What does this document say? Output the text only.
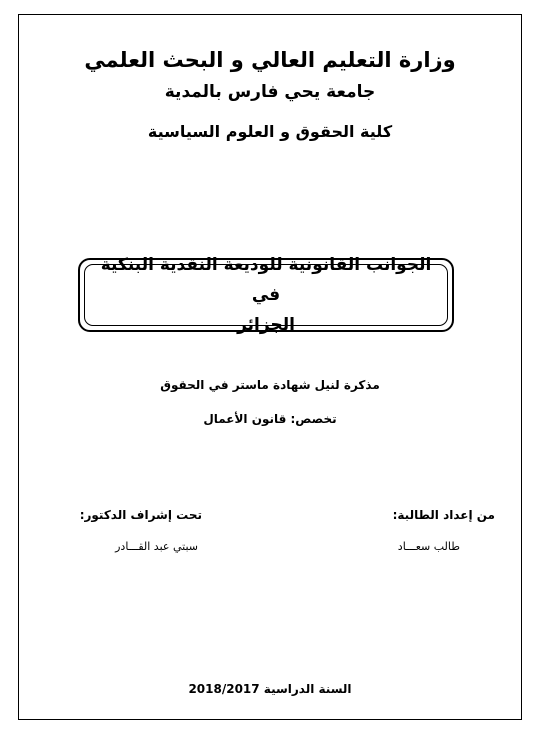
وزارة التعليم العالي و البحث العلمي
جامعة يحي فارس بالمدية
كلية الحقوق و العلوم السياسية
الجوانب القانونية للوديعة النقدية البنكية في
الجزائر
مذكرة لنيل شهادة ماستر في الحقوق
تخصص: قانون الأعمال
من إعداد الطالبة:
طالب سعـــاد
تحت إشراف الدكتور:
سبتي عبد القـــادر
السنة الدراسية 2018/2017
